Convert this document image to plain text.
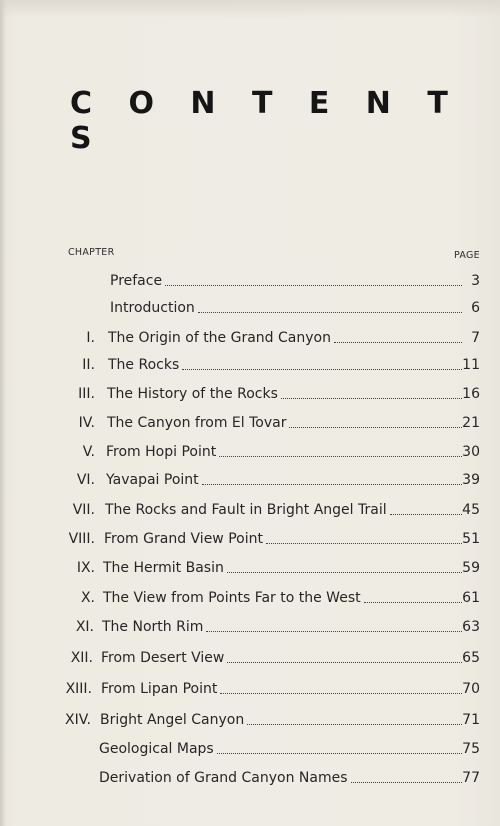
C O N T E N T S
CHAPTER	PAGE
Preface	3
Introduction	6
I. The Origin of the Grand Canyon	7
II. The Rocks	11
III. The History of the Rocks	16
IV. The Canyon from El Tovar	21
V. From Hopi Point	30
VI. Yavapai Point	39
VII. The Rocks and Fault in Bright Angel Trail	45
VIII. From Grand View Point	51
IX. The Hermit Basin	59
X. The View from Points Far to the West	61
XI. The North Rim	63
XII. From Desert View	65
XIII. From Lipan Point	70
XIV. Bright Angel Canyon	71
Geological Maps	75
Derivation of Grand Canyon Names	77
